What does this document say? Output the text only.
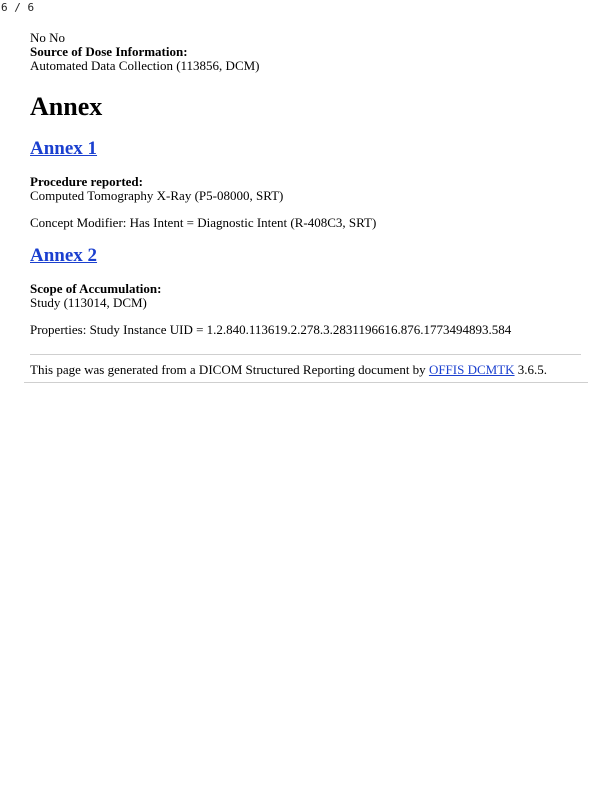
6 / 6

No No

Source of Dose Information:

Automated Data Collection (113856, DCM)

Annex
Annex 1

Procedure reported:

Computed Tomography X-Ray (P5-08000, SRT)

Concept Modifier: Has Intent = Diagnostic Intent (R-408C3, SRT)

Annex 2

Scope of Accumulation:

Study (113014, DCM)

Properties: Study Instance UID = 1.2.840.113619.2.278.3.2831196616.876.1773494893.584

This page was generated from a DICOM Structured Reporting document by OFFIS DCMTK 3.6.5.
